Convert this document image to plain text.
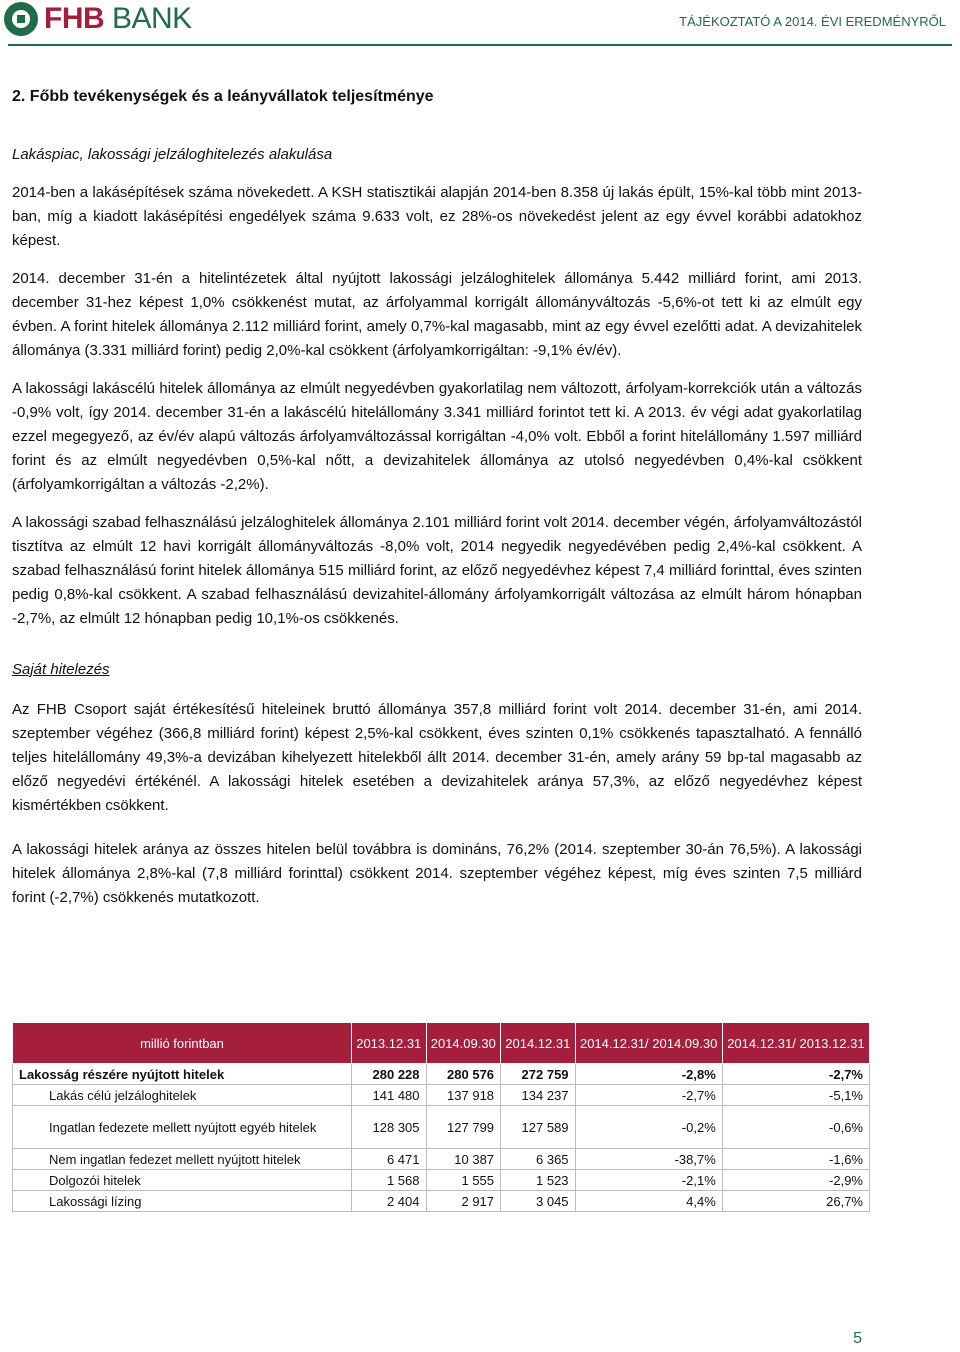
FHB BANK	TÁJÉKOZTATÓ A 2014. ÉVI EREDMÉNYRŐL
2. Főbb tevékenységek és a leányvállatok teljesítménye
Lakáspiac, lakossági jelzáloghitelezés alakulása

2014-ben a lakásépítések száma növekedett. A KSH statisztikái alapján 2014-ben 8.358 új lakás épült, 15%-kal több mint 2013-ban, míg a kiadott lakásépítési engedélyek száma 9.633 volt, ez 28%-os növekedést jelent az egy évvel korábbi adatokhoz képest.

2014. december 31-én a hitelintézetek által nyújtott lakossági jelzáloghitelek állománya 5.442 milliárd forint, ami 2013. december 31-hez képest 1,0% csökkenést mutat, az árfolyammal korrigált állományváltozás -5,6%-ot tett ki az elmúlt egy évben. A forint hitelek állománya 2.112 milliárd forint, amely 0,7%-kal magasabb, mint az egy évvel ezelőtti adat. A devizahitelek állománya (3.331 milliárd forint) pedig 2,0%-kal csökkent (árfolyamkorrigáltan: -9,1% év/év).

A lakossági lakáscélú hitelek állománya az elmúlt negyedévben gyakorlatilag nem változott, árfolyam-korrekciók után a változás -0,9% volt, így 2014. december 31-én a lakáscélú hitelállomány 3.341 milliárd forintot tett ki. A 2013. év végi adat gyakorlatilag ezzel megegyező, az év/év alapú változás árfolyamváltozással korrigáltan -4,0% volt. Ebből a forint hitelállomány 1.597 milliárd forint és az elmúlt negyedévben 0,5%-kal nőtt, a devizahitelek állománya az utolsó negyedévben 0,4%-kal csökkent (árfolyamkorrigáltan a változás -2,2%).

A lakossági szabad felhasználású jelzáloghitelek állománya 2.101 milliárd forint volt 2014. december végén, árfolyamváltozástól tisztítva az elmúlt 12 havi korrigált állományváltozás -8,0% volt, 2014 negyedik negyedévében pedig 2,4%-kal csökkent. A szabad felhasználású forint hitelek állománya 515 milliárd forint, az előző negyedévhez képest 7,4 milliárd forinttal, éves szinten pedig 0,8%-kal csökkent. A szabad felhasználású devizahitel-állomány árfolyamkorrigált változása az elmúlt három hónapban -2,7%, az elmúlt 12 hónapban pedig 10,1%-os csökkenés.

Saját hitelezés

Az FHB Csoport saját értékesítésű hiteleinek bruttó állománya 357,8 milliárd forint volt 2014. december 31-én, ami 2014. szeptember végéhez (366,8 milliárd forint) képest 2,5%-kal csökkent, éves szinten 0,1% csökkenés tapasztalható. A fennálló teljes hitelállomány 49,3%-a devizában kihelyezett hitelekből állt 2014. december 31-én, amely arány 59 bp-tal magasabb az előző negyedévi értékénél. A lakossági hitelek esetében a devizahitelek aránya 57,3%, az előző negyedévhez képest kismértékben csökkent.

A lakossági hitelek aránya az összes hitelen belül továbbra is domináns, 76,2% (2014. szeptember 30-án 76,5%). A lakossági hitelek állománya 2,8%-kal (7,8 milliárd forinttal) csökkent 2014. szeptember végéhez képest, míg éves szinten 7,5 milliárd forint (-2,7%) csökkenés mutatkozott.

millió forintban	2013.12.31	2014.09.30	2014.12.31	2014.12.31/ 2014.09.30	2014.12.31/ 2013.12.31
Lakosság részére nyújtott hitelek	280 228	280 576	272 759	-2,8%	-2,7%
Lakás célú jelzáloghitelek	141 480	137 918	134 237	-2,7%	-5,1%
Ingatlan fedezete mellett nyújtott egyéb hitelek	128 305	127 799	127 589	-0,2%	-0,6%
Nem ingatlan fedezet mellett nyújtott hitelek	6 471	10 387	6 365	-38,7%	-1,6%
Dolgozói hitelek	1 568	1 555	1 523	-2,1%	-2,9%
Lakossági lízing	2 404	2 917	3 045	4,4%	26,7%
5
